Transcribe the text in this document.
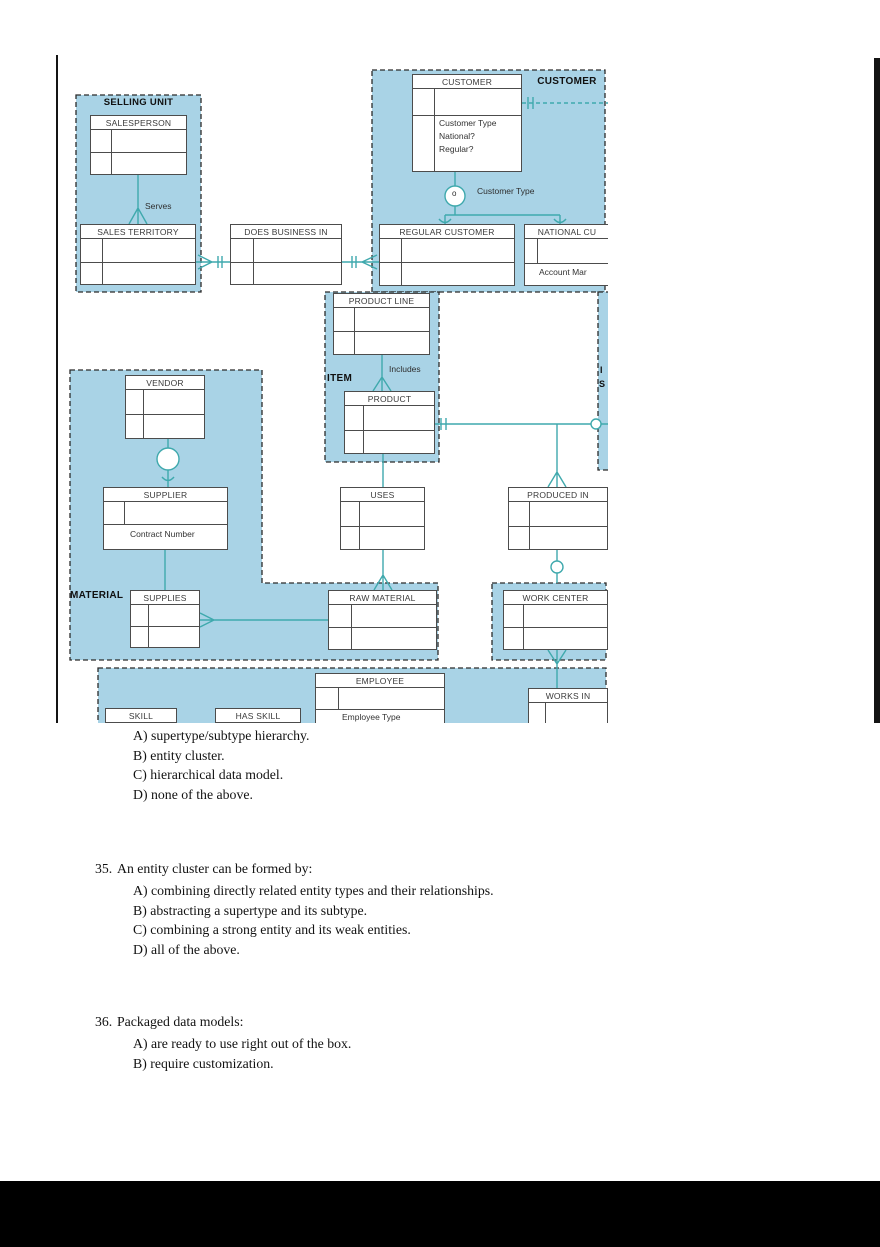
SELLING UNIT
CUSTOMER
ITEM
MATERIAL
I
S
Serves
Includes
Customer Type
o
SALESPERSON
SALES TERRITORY	DOES BUSINESS IN
CUSTOMER
Customer Type
National?
Regular?
REGULAR CUSTOMER	NATIONAL CU
Account Mar
PRODUCT LINE
PRODUCT
VENDOR
SUPPLIER
Contract Number
USES	PRODUCED IN
SUPPLIES	RAW MATERIAL	WORK CENTER
EMPLOYEE
Employee Type
SKILL	HAS SKILL
WORKS IN
A) supertype/subtype hierarchy.
B) entity cluster.
C) hierarchical data model.
D) none of the above.
35. An entity cluster can be formed by:
A) combining directly related entity types and their relationships.
B) abstracting a supertype and its subtype.
C) combining a strong entity and its weak entities.
D) all of the above.
36. Packaged data models:
A) are ready to use right out of the box.
B) require customization.
